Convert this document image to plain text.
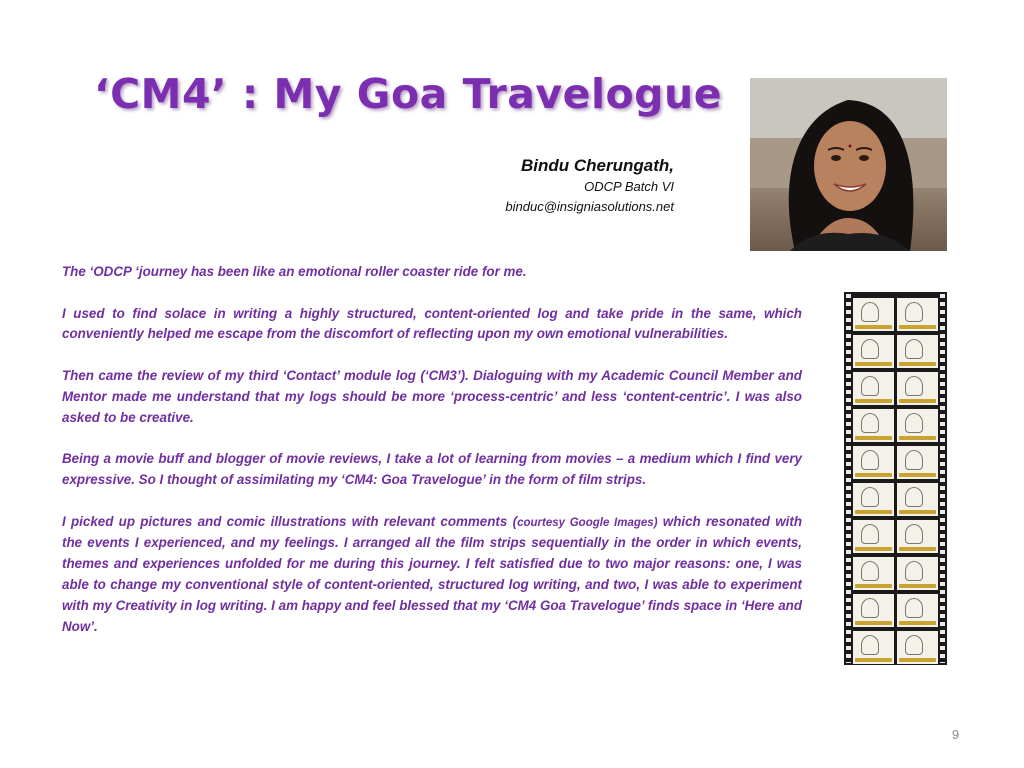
‘CM4’ : My Goa Travelogue
Bindu Cherungath,
ODCP Batch VI
binduc@insigniasolutions.net

The ‘ODCP ‘journey has been like an emotional roller coaster ride for me.

I used to find solace in writing a highly structured, content-oriented log and take pride in the same, which conveniently helped me escape from the discomfort of reflecting upon my own emotional vulnerabilities.

Then came the review of my third ‘Contact’ module log (‘CM3’). Dialoguing with my Academic Council Member and Mentor made me understand that my logs should be more ‘process-centric’ and less ‘content-centric’. I was also asked to be creative.

Being a movie buff and blogger of movie reviews, I take a lot of learning from movies – a medium which I find very expressive. So I thought of assimilating my ‘CM4: Goa Travelogue’ in the form of film strips.

I picked up pictures and comic illustrations with relevant comments (courtesy Google Images) which resonated with the events I experienced, and my feelings. I arranged all the film strips sequentially in the order in which events, themes and experiences unfolded for me during this journey. I felt satisfied due to two major reasons: one, I was able to change my conventional style of content-oriented, structured log writing, and two, I was able to experiment with my Creativity in log writing. I am happy and feel blessed that my ‘CM4 Goa Travelogue’ finds space in ‘Here and Now’.

9
